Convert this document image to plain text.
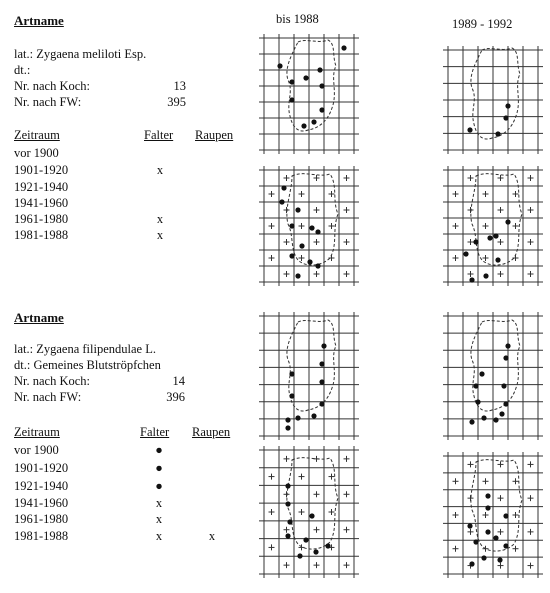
bis 1988	1989 - 1992
Artname
lat.: Zygaena meliloti Esp.
dt.:
Nr. nach Koch:	13
Nr. nach FW:	395
Zeitraum	Falter Raupen
vor 1900
1901-1920	x
1921-1940
1941-1960
1961-1980	x
1981-1988	x
Artname
lat.: Zygaena filipendulae L.
dt.: Gemeines Blutströpfchen
Nr. nach Koch:	14
Nr. nach FW:	396
Zeitraum	Falter Raupen
vor 1900	●
1901-1920	●
1921-1940	●
1941-1960	x
1961-1980	x
1981-1988	x	x
